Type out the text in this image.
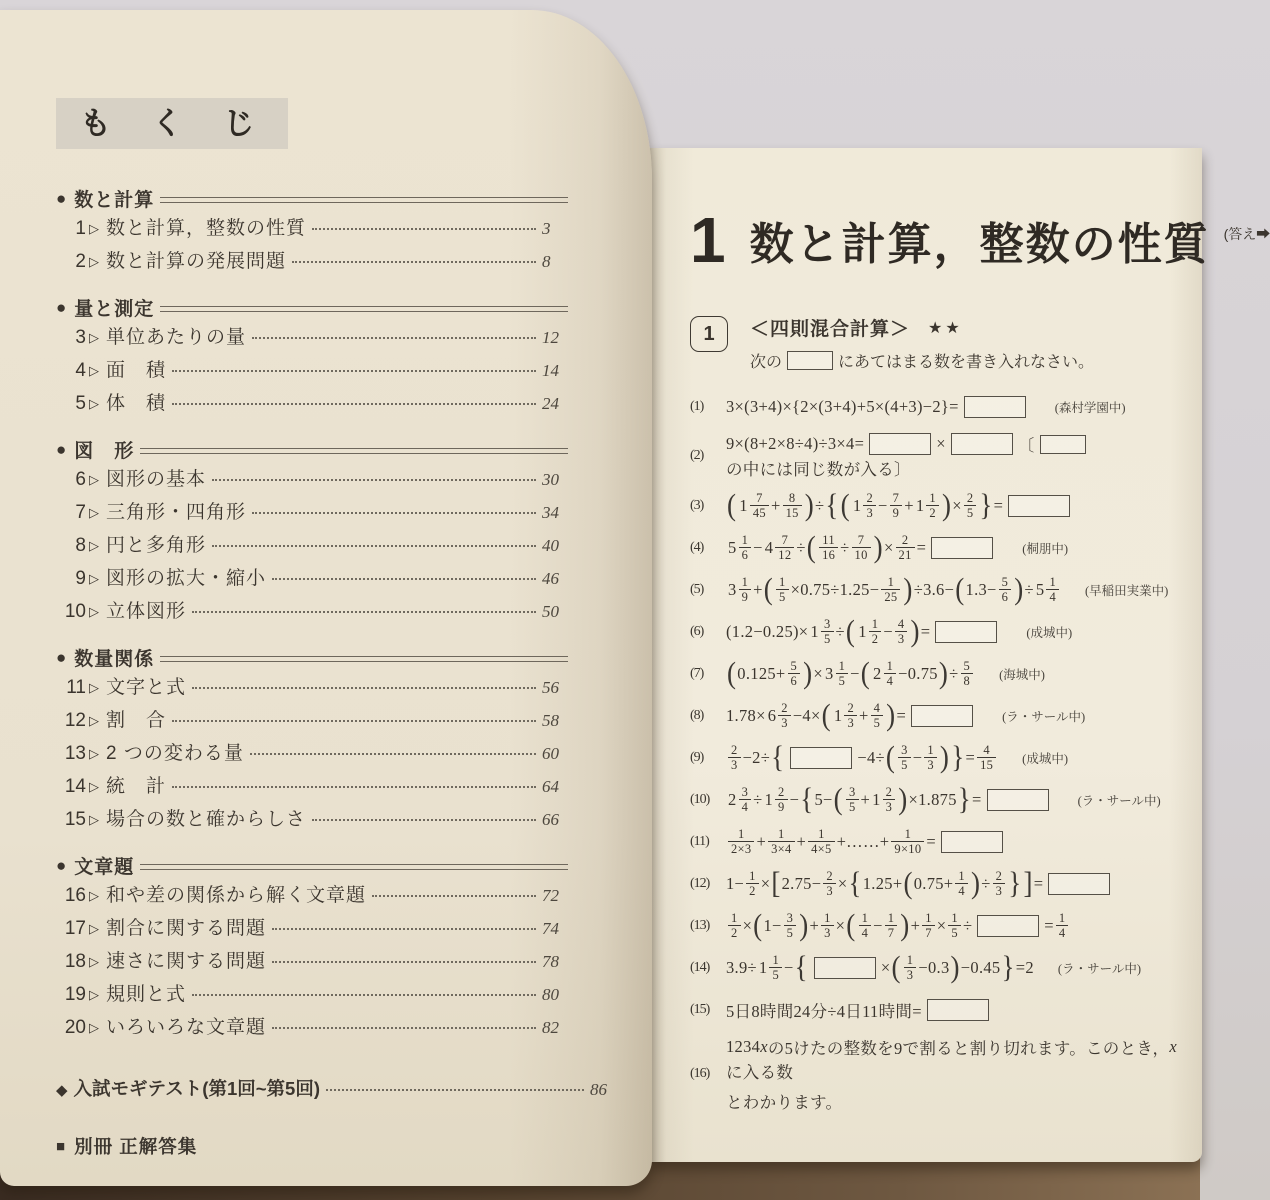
も く じ
● 数と計算
1 ▷ 数と計算，整数の性質	3
2 ▷ 数と計算の発展問題	8
● 量と測定
3 ▷ 単位あたりの量	12
4 ▷ 面　積	14
5 ▷ 体　積	24
● 図　形
6 ▷ 図形の基本	30
7 ▷ 三角形・四角形	34
8 ▷ 円と多角形	40
9 ▷ 図形の拡大・縮小	46
10 ▷ 立体図形	50
● 数量関係
11 ▷ 文字と式	56
12 ▷ 割　合	58
13 ▷ 2 つの変わる量	60
14 ▷ 統　計	64
15 ▷ 場合の数と確からしさ	66
● 文章題
16 ▷ 和や差の関係から解く文章題	72
17 ▷ 割合に関する問題	74
18 ▷ 速さに関する問題	78
19 ▷ 規則と式	80
20 ▷ いろいろな文章題	82
◆ 入試モギテスト(第1回~第5回)	86
■ 別冊 正解答集
1 数と計算，整数の性質 (答え➡
1	＜四則混合計算＞ ★★
次の	にあてはまる数を書き入れなさい。
(1)	3×(3+4)×{2×(3+4)+5×(4+3)−2}=	(森村学園中)
(2)
9×(8+2×8÷4)÷3×4=	×	〔
の中には同じ数が入る〕
(3) ( $1 \frac{7}{45} + \frac{8}{15}$ ) ÷ { ( $1 \frac{2}{3} - \frac{7}{9} + 1 \frac{1}{2}$ ) × $\frac{2}{5}$ } =
(4)	$5 \frac{1}{6} - 4 \frac{7}{12}$ ÷ ( $\frac{11}{16} \div \frac{7}{10}$ ) × $\frac{2}{21}$ =	(桐朋中)
(5)	$3 \frac{1}{9}$ + ( $\frac{1}{5} \times 0.75\div 1.25- \frac{1}{25}$ ) ÷3.6− ( $1.3- \frac{5}{6}$ ) ÷ $5 \frac{1}{4}$ (早稲田実業中)
(6)	$(1.2-0.25)\times 1 \frac{3}{5}$ ÷ ( $1 \frac{1}{2} - \frac{4}{3}$ ) =	(成城中)
(7) ( $0.125+ \frac{5}{6}$ ) × $3 \frac{1}{5}$ − ( $2 \frac{1}{4} -0.75$ ) ÷ $\frac{5}{8}$ (海城中)
(8)	$1.78\times 6 \frac{2}{3} -4\times$ ( $1 \frac{2}{3} + \frac{4}{5}$ ) =	(ラ・サール中)
(9)	$\frac{2}{3} -2\div$ {	−4÷ ( $\frac{3}{5} - \frac{1}{3}$ ) } = $\frac{4}{15}$ (成城中)
(10)	$2 \frac{3}{4} \div 1 \frac{2}{9}$ − { 5− ( $\frac{3}{5} + 1 \frac{2}{3}$ ) ×1.875 } =	(ラ・サール中)
(11)	$\frac{1}{2\times 3} + \frac{1}{3\times 4} + \frac{1}{4\times 5}$ +……+ $\frac{1}{9\times 10}$ =
(12)	$1- \frac{1}{2}$ × [ $2.75- \frac{2}{3}$ × { 1.25+ ( $0.75+ \frac{1}{4}$ ) ÷ $\frac{2}{3}$ } ] =
(13)	$\frac{1}{2}$ × ( $1- \frac{3}{5}$ ) + $\frac{1}{3}$ × ( $\frac{1}{4} - \frac{1}{7}$ ) + $\frac{1}{7} \times \frac{1}{5}$ ÷	= $\frac{1}{4}$
(14)	$3.9\div 1 \frac{1}{5}$ − {	× ( $\frac{1}{3} -0.3$ ) −0.45 } =2 (ラ・サール中)
(15)	5日8時間24分÷4日11時間=
(16)
1234 x の5けたの整数を9で割ると割り切れます。このとき， x
に入る数
とわかります。
